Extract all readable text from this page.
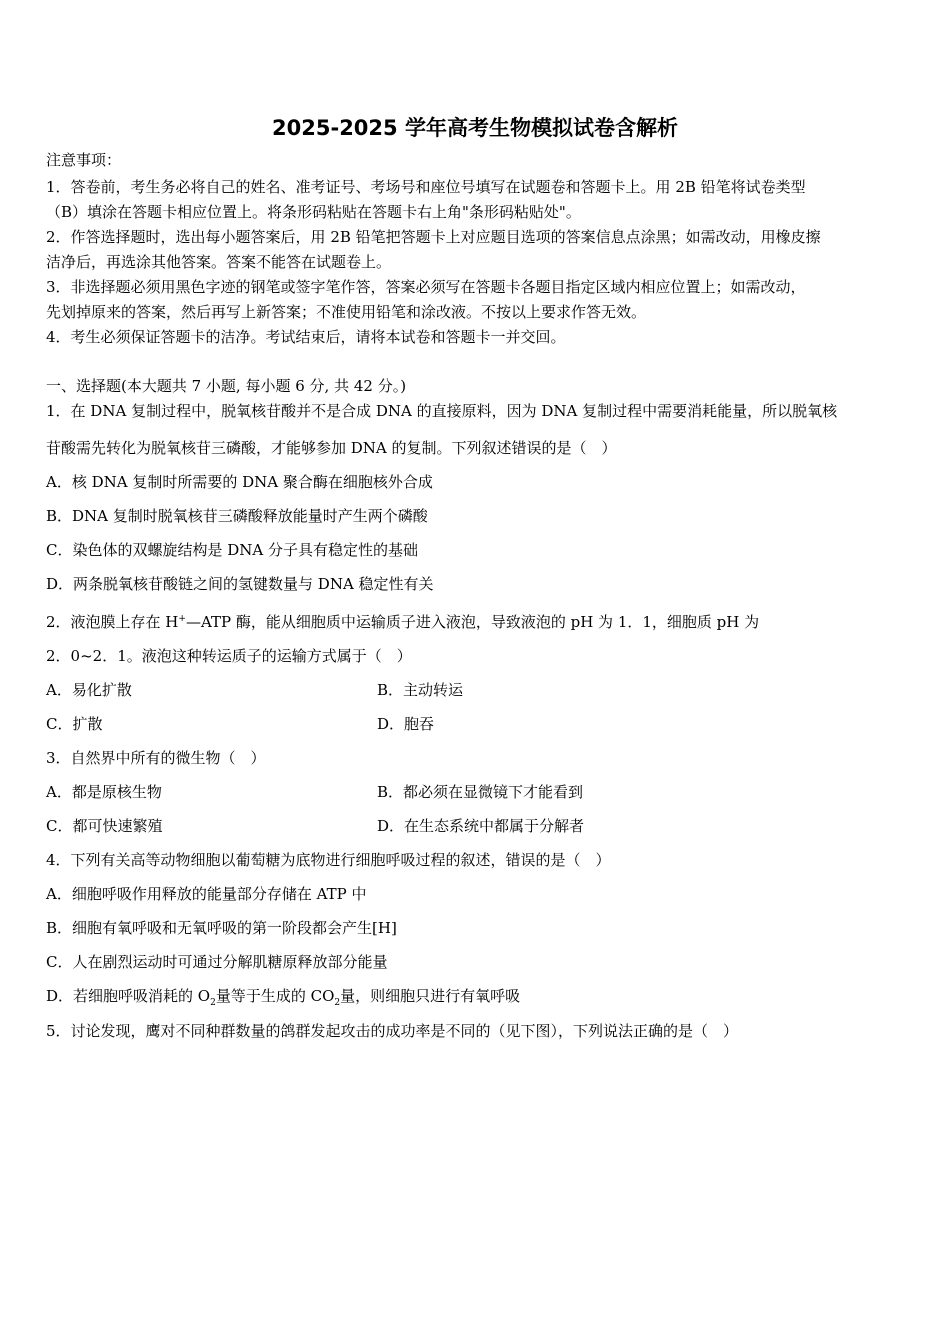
2025-2025 学年高考生物模拟试卷含解析
注意事项：
1．答卷前，考生务必将自己的姓名、准考证号、考场号和座位号填写在试题卷和答题卡上。用 2B 铅笔将试卷类型
（B）填涂在答题卡相应位置上。将条形码粘贴在答题卡右上角"条形码粘贴处"。
2．作答选择题时，选出每小题答案后，用 2B 铅笔把答题卡上对应题目选项的答案信息点涂黑；如需改动，用橡皮擦
洁净后，再选涂其他答案。答案不能答在试题卷上。
3．非选择题必须用黑色字迹的钢笔或签字笔作答，答案必须写在答题卡各题目指定区域内相应位置上；如需改动，
先划掉原来的答案，然后再写上新答案；不准使用铅笔和涂改液。不按以上要求作答无效。
4．考生必须保证答题卡的洁净。考试结束后，请将本试卷和答题卡一并交回。
一、选择题(本大题共 7 小题, 每小题 6 分, 共 42 分。)
1．在 DNA 复制过程中，脱氧核苷酸并不是合成 DNA 的直接原料，因为 DNA 复制过程中需要消耗能量，所以脱氧核
苷酸需先转化为脱氧核苷三磷酸，才能够参加 DNA 的复制。下列叙述错误的是（　）
A．核 DNA 复制时所需要的 DNA 聚合酶在细胞核外合成
B．DNA 复制时脱氧核苷三磷酸释放能量时产生两个磷酸
C．染色体的双螺旋结构是 DNA 分子具有稳定性的基础
D．两条脱氧核苷酸链之间的氢键数量与 DNA 稳定性有关
2．液泡膜上存在 H+—ATP 酶，能从细胞质中运输质子进入液泡，导致液泡的 pH 为 1．1，细胞质 pH 为
2．0~2．1。液泡这种转运质子的运输方式属于（　）
A．易化扩散	B．主动转运
C．扩散	D．胞吞
3．自然界中所有的微生物（　）
A．都是原核生物	B．都必须在显微镜下才能看到
C．都可快速繁殖	D．在生态系统中都属于分解者
4．下列有关高等动物细胞以葡萄糖为底物进行细胞呼吸过程的叙述，错误的是（　）
A．细胞呼吸作用释放的能量部分存储在 ATP 中
B．细胞有氧呼吸和无氧呼吸的第一阶段都会产生[H]
C．人在剧烈运动时可通过分解肌糖原释放部分能量
D．若细胞呼吸消耗的 $O_2$量等于生成的 $CO_2$量，则细胞只进行有氧呼吸
5．讨论发现，鹰对不同种群数量的鸽群发起攻击的成功率是不同的（见下图），下列说法正确的是（　）
